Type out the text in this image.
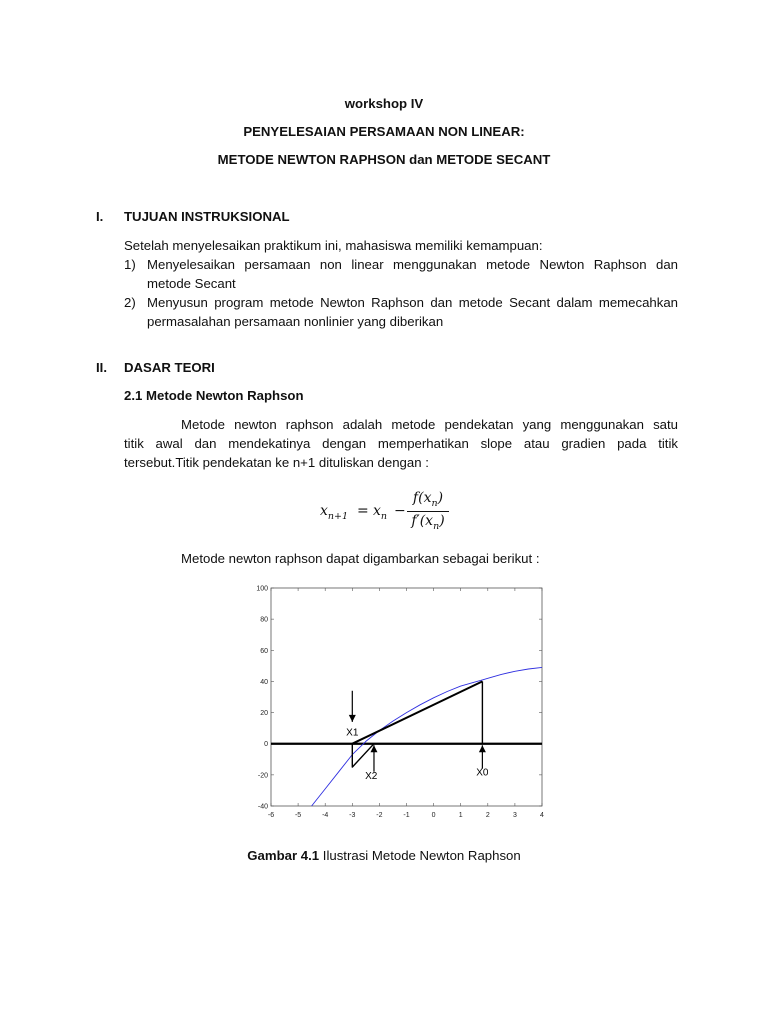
workshop IV
PENYELESAIAN PERSAMAAN NON LINEAR:
METODE NEWTON RAPHSON dan METODE SECANT
I. TUJUAN INSTRUKSIONAL
Setelah menyelesaikan praktikum ini, mahasiswa memiliki kemampuan:
1) Menyelesaikan persamaan non linear menggunakan metode Newton Raphson dan
metode Secant
2) Menyusun program metode Newton Raphson dan metode Secant dalam memecahkan
permasalahan persamaan nonlinier yang diberikan
II. DASAR TEORI
2.1 Metode Newton Raphson
Metode newton raphson adalah metode pendekatan yang menggunakan satu
titik awal dan mendekatinya dengan memperhatikan slope atau gradien pada titik
tersebut.Titik pendekatan ke n+1 dituliskan dengan :
$x_{n+1} = x_n$ −
$f(x_n)$
$f'(x_n)$
Metode newton raphson dapat digambarkan sebagai berikut :
100
80
60
40
20
0
-20
-40
-6	-5	-4	-3	-2	-1	0	1	2	3	4
X1
X2	X0
Gambar 4.1 Ilustrasi Metode Newton Raphson
